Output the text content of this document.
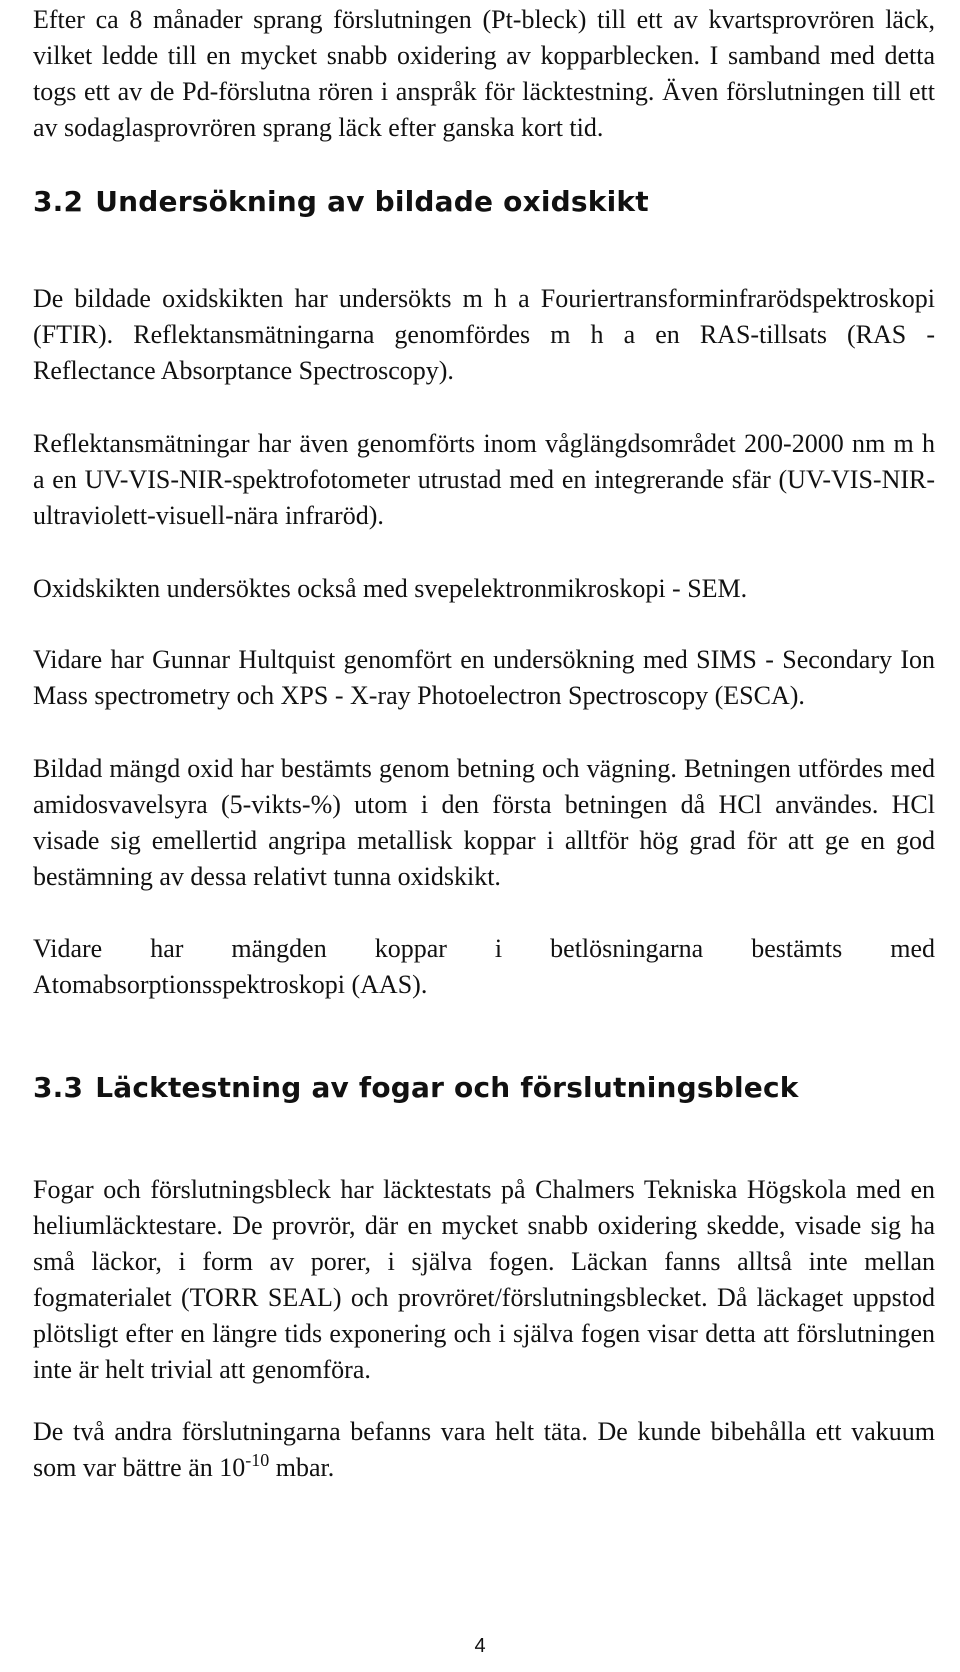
Efter ca 8 månader sprang förslutningen (Pt-bleck) till ett av kvartsprovrören läck, vilket ledde till en mycket snabb oxidering av kopparblecken. I samband med detta togs ett av de Pd-förslutna rören i anspråk för läcktestning. Även förslutningen till ett av sodaglasprovrören sprang läck efter ganska kort tid.

3.2 Undersökning av bildade oxidskikt

De bildade oxidskikten har undersökts m h a Fouriertransforminfrarödspektroskopi (FTIR). Reflektansmätningarna genomfördes m h a en RAS-tillsats (RAS - Reflectance Absorptance Spectroscopy).

Reflektansmätningar har även genomförts inom våglängdsområdet 200-2000 nm m h a en UV-VIS-NIR-spektrofotometer utrustad med en integrerande sfär (UV-VIS-NIR-ultraviolett-visuell-nära infraröd).

Oxidskikten undersöktes också med svepelektronmikroskopi - SEM.

Vidare har Gunnar Hultquist genomfört en undersökning med SIMS - Secondary Ion Mass spectrometry och XPS - X-ray Photoelectron Spectroscopy (ESCA).

Bildad mängd oxid har bestämts genom betning och vägning. Betningen utfördes med amidosvavelsyra (5-vikts-%) utom i den första betningen då HCl användes. HCl visade sig emellertid angripa metallisk koppar i alltför hög grad för att ge en god bestämning av dessa relativt tunna oxidskikt.

Vidare har mängden koppar i betlösningarna bestämts med Atomabsorptionsspektroskopi (AAS).

3.3 Läcktestning av fogar och förslutningsbleck

Fogar och förslutningsbleck har läcktestats på Chalmers Tekniska Högskola med en heliumläcktestare. De provrör, där en mycket snabb oxidering skedde, visade sig ha små läckor, i form av porer, i själva fogen. Läckan fanns alltså inte mellan fogmaterialet (TORR SEAL) och provröret/förslutningsblecket. Då läckaget uppstod plötsligt efter en längre tids exponering och i själva fogen visar detta att förslutningen inte är helt trivial att genomföra.

De två andra förslutningarna befanns vara helt täta. De kunde bibehålla ett vakuum som var bättre än $10^{-10}$ mbar.

4
